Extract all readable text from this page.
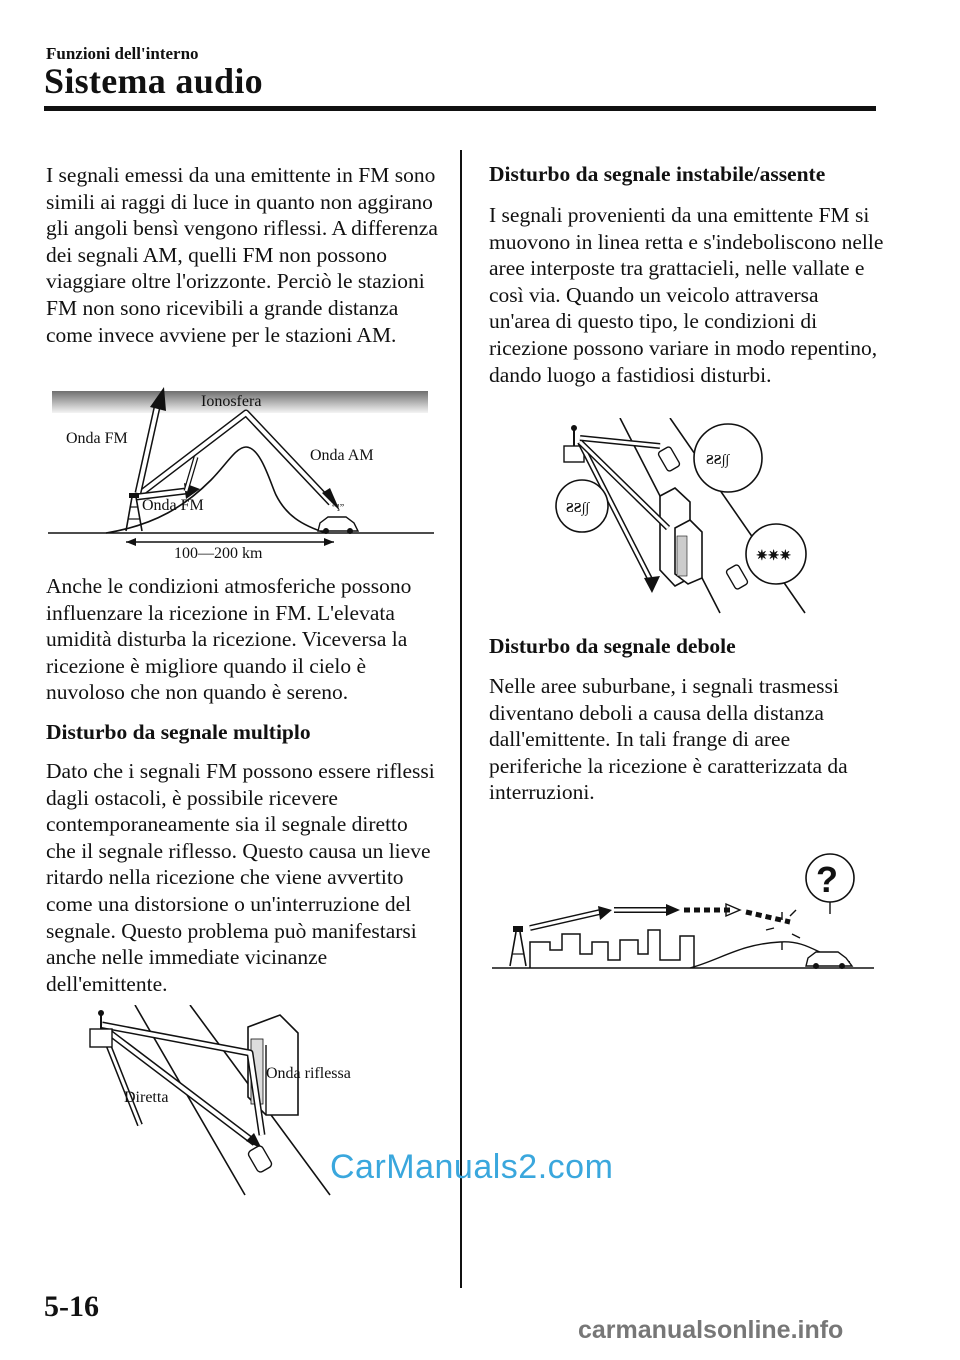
Funzioni dell'interno
Sistema audio
I segnali emessi da una emittente in FM sono simili ai raggi di luce in quanto non aggirano gli angoli bensì vengono riflessi. A differenza dei segnali AM, quelli FM non possono viaggiare oltre l'orizzonte. Perciò le stazioni FM non sono ricevibili a grande distanza come invece avviene per le stazioni AM.
“!”
Ionosfera
Onda FM
Onda AM
Onda FM
100—200 km
Anche le condizioni atmosferiche possono influenzare la ricezione in FM. L'elevata umidità disturba la ricezione. Viceversa la ricezione è migliore quando il cielo è nuvoloso che non quando è sereno.
Disturbo da segnale multiplo
Dato che i segnali FM possono essere riflessi dagli ostacoli, è possibile ricevere contemporaneamente sia il segnale diretto che il segnale riflesso. Questo causa un lieve ritardo nella ricezione che viene avvertito come una distorsione o un'interruzione del segnale. Questo problema può manifestarsi anche nelle immediate vicinanze dell'emittente.
Onda riflessa
Diretta
Disturbo da segnale instabile/assente
I segnali provenienti da una emittente FM si muovono in linea retta e s'indeboliscono nelle aree interposte tra grattacieli, nelle vallate e così via. Quando un veicolo attraversa un'area di questo tipo, le condizioni di ricezione possono variare in modo repentino, dando luogo a fastidiosi disturbi.
ƧƧ∫∫
ƧƧ∫∫
✷✷✷
Disturbo da segnale debole
Nelle aree suburbane, i segnali trasmessi diventano deboli a causa della distanza dall'emittente. In tali frange di aree periferiche la ricezione è caratterizzata da interruzioni.
?
5-16
CarManuals2.com
carmanualsonline.info
